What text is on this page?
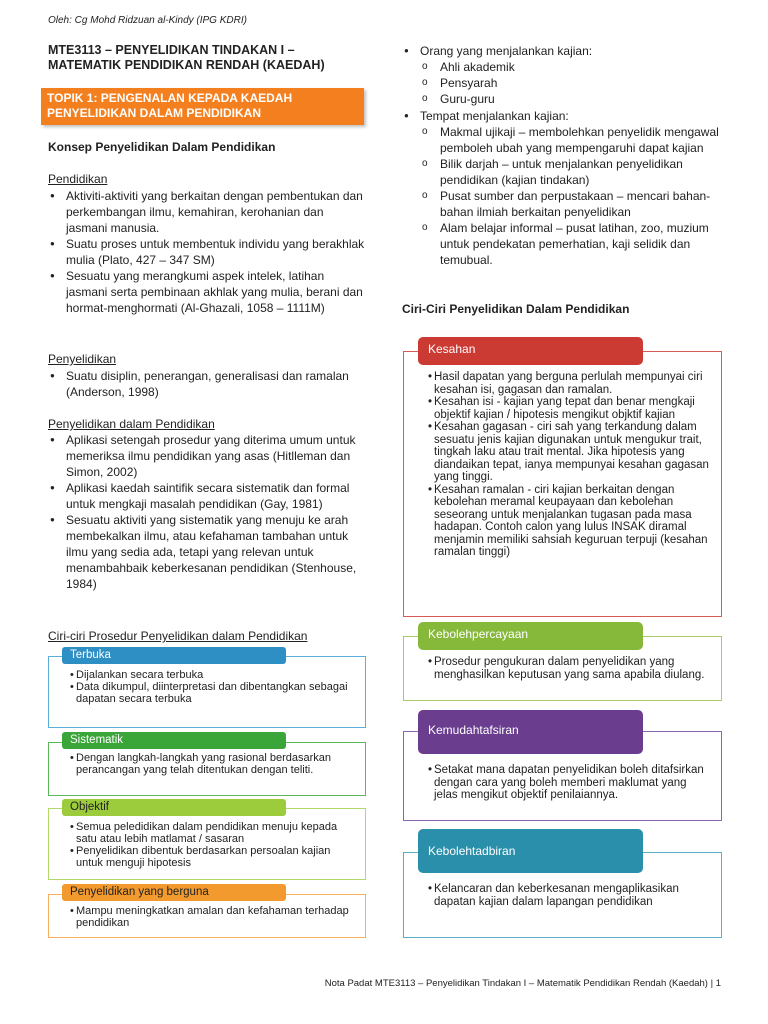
Oleh: Cg Mohd Ridzuan al-Kindy (IPG KDRI)
MTE3113 – PENYELIDIKAN TINDAKAN I – MATEMATIK PENDIDIKAN RENDAH (KAEDAH)
TOPIK 1: PENGENALAN KEPADA KAEDAH PENYELIDIKAN DALAM PENDIDIKAN
Konsep Penyelidikan Dalam Pendidikan
Pendidikan
● Aktiviti-aktiviti yang berkaitan dengan pembentukan dan perkembangan ilmu, kemahiran, kerohanian dan jasmani manusia.
● Suatu proses untuk membentuk individu yang berakhlak mulia (Plato, 427 – 347 SM)
● Sesuatu yang merangkumi aspek intelek, latihan jasmani serta pembinaan akhlak yang mulia, berani dan hormat-menghormati (Al-Ghazali, 1058 – 1111M)
Penyelidikan
● Suatu disiplin, penerangan, generalisasi dan ramalan (Anderson, 1998)
Penyelidikan dalam Pendidikan
● Aplikasi setengah prosedur yang diterima umum untuk memeriksa ilmu pendidikan yang asas (Hitlleman dan Simon, 2002)
● Aplikasi kaedah saintifik secara sistematik dan formal untuk mengkaji masalah pendidikan (Gay, 1981)
● Sesuatu aktiviti yang sistematik yang menuju ke arah membekalkan ilmu, atau kefahaman tambahan untuk ilmu yang sedia ada, tetapi yang relevan untuk menambahbaik keberkesanan pendidikan (Stenhouse, 1984)
Ciri-ciri Prosedur Penyelidikan dalam Pendidikan
Terbuka
• Dijalankan secara terbuka
• Data dikumpul, diinterpretasi dan dibentangkan sebagai dapatan secara terbuka
Sistematik
• Dengan langkah-langkah yang rasional berdasarkan perancangan yang telah ditentukan dengan teliti.
Objektif
• Semua peledidikan dalam pendidikan menuju kepada satu atau lebih matlamat / sasaran
• Penyelidikan dibentuk berdasarkan persoalan kajian untuk menguji hipotesis
Penyelidikan yang berguna
• Mampu meningkatkan amalan dan kefahaman terhadap pendidikan
● Orang yang menjalankan kajian:
o Ahli akademik
o Pensyarah
o Guru-guru
● Tempat menjalankan kajian:
o Makmal ujikaji – membolehkan penyelidik mengawal pemboleh ubah yang mempengaruhi dapat kajian
o Bilik darjah – untuk menjalankan penyelidikan pendidikan (kajian tindakan)
o Pusat sumber dan perpustakaan – mencari bahan-bahan ilmiah berkaitan penyelidikan
o Alam belajar informal – pusat latihan, zoo, muzium untuk pendekatan pemerhatian, kaji selidik dan temubual.
Ciri-Ciri Penyelidikan Dalam Pendidikan
Kesahan
• Hasil dapatan yang berguna perlulah mempunyai ciri kesahan isi, gagasan dan ramalan.
• Kesahan isi - kajian yang tepat dan benar mengkaji objektif kajian / hipotesis mengikut objktif kajian
• Kesahan gagasan - ciri sah yang terkandung dalam sesuatu jenis kajian digunakan untuk mengukur trait, tingkah laku atau trait mental. Jika hipotesis yang diandaikan tepat, ianya mempunyai kesahan gagasan yang tinggi.
• Kesahan ramalan - ciri kajian berkaitan dengan kebolehan meramal keupayaan dan kebolehan seseorang untuk menjalankan tugasan pada masa hadapan. Contoh calon yang lulus INSAK diramal menjamin memiliki sahsiah keguruan terpuji (kesahan ramalan tinggi)
Kebolehpercayaan
• Prosedur pengukuran dalam penyelidikan yang menghasilkan keputusan yang sama apabila diulang.
Kemudahtafsiran
• Setakat mana dapatan penyelidikan boleh ditafsirkan dengan cara yang boleh memberi maklumat yang jelas mengikut objektif penilaiannya.
Kebolehtadbiran
• Kelancaran dan keberkesanan mengaplikasikan dapatan kajian dalam lapangan pendidikan
Nota Padat MTE3113 – Penyelidikan Tindakan I – Matematik Pendidikan Rendah (Kaedah) | 1
